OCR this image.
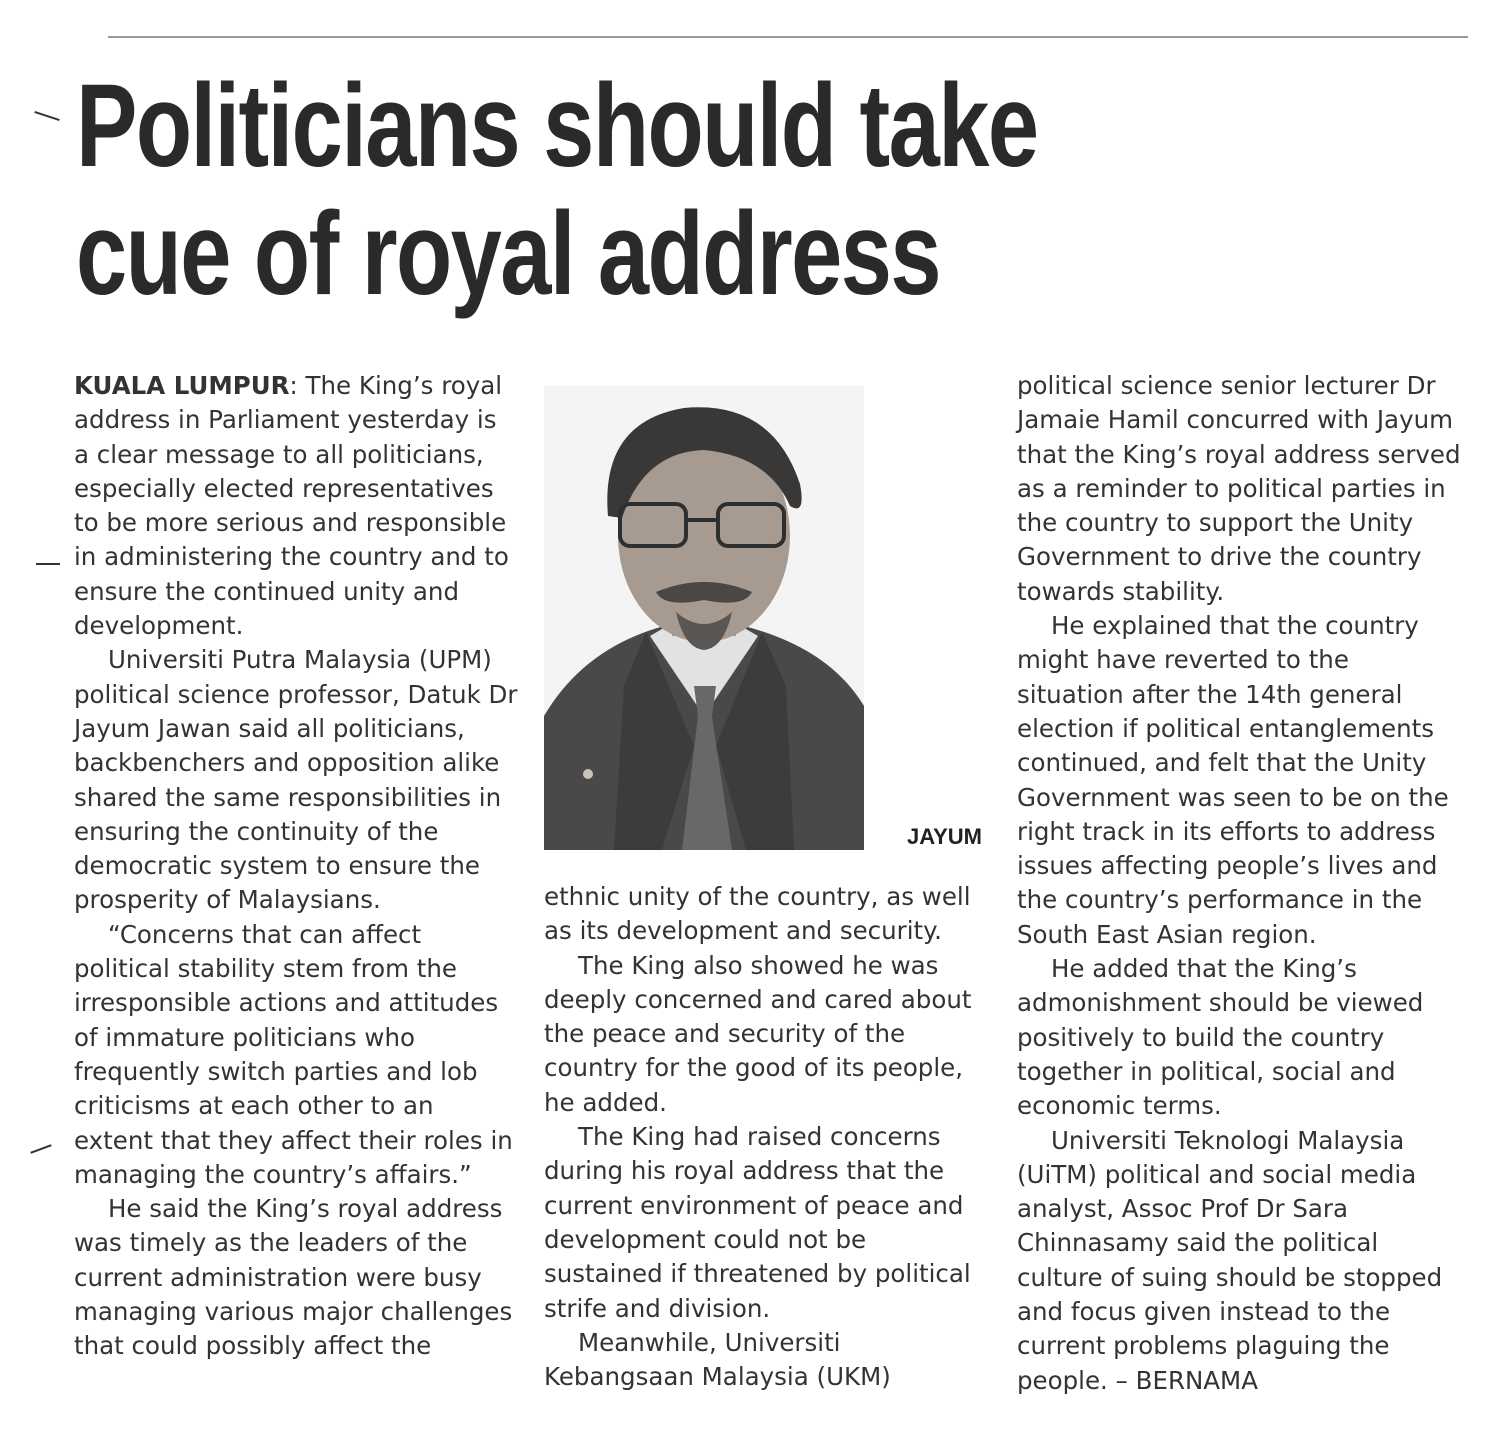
Politicians should take
cue of royal address

KUALA LUMPUR: The King’s royal address in Parliament yesterday is a clear message to all politicians, especially elected representatives to be more serious and responsible in administering the country and to ensure the continued unity and development.

Universiti Putra Malaysia (UPM) political science professor, Datuk Dr Jayum Jawan said all politicians, backbenchers and opposition alike shared the same responsibilities in ensuring the continuity of the democratic system to ensure the prosperity of Malaysians.

“Concerns that can affect political stability stem from the irresponsible actions and attitudes of immature politicians who frequently switch parties and lob criticisms at each other to an extent that they affect their roles in managing the country’s affairs.”

He said the King’s royal address was timely as the leaders of the current administration were busy managing various major challenges that could possibly affect the

JAYUM

ethnic unity of the country, as well as its development and security.

The King also showed he was deeply concerned and cared about the peace and security of the country for the good of its people, he added.

The King had raised concerns during his royal address that the current environment of peace and development could not be sustained if threatened by political strife and division.

Meanwhile, Universiti Kebangsaan Malaysia (UKM)

political science senior lecturer Dr Jamaie Hamil concurred with Jayum that the King’s royal address served as a reminder to political parties in the country to support the Unity Government to drive the country towards stability.

He explained that the country might have reverted to the situation after the 14th general election if political entanglements continued, and felt that the Unity Government was seen to be on the right track in its efforts to address issues affecting people’s lives and the country’s performance in the South East Asian region.

He added that the King’s admonishment should be viewed positively to build the country together in political, social and economic terms.

Universiti Teknologi Malaysia (UiTM) political and social media analyst, Assoc Prof Dr Sara Chinnasamy said the political culture of suing should be stopped and focus given instead to the current problems plaguing the people. – BERNAMA
